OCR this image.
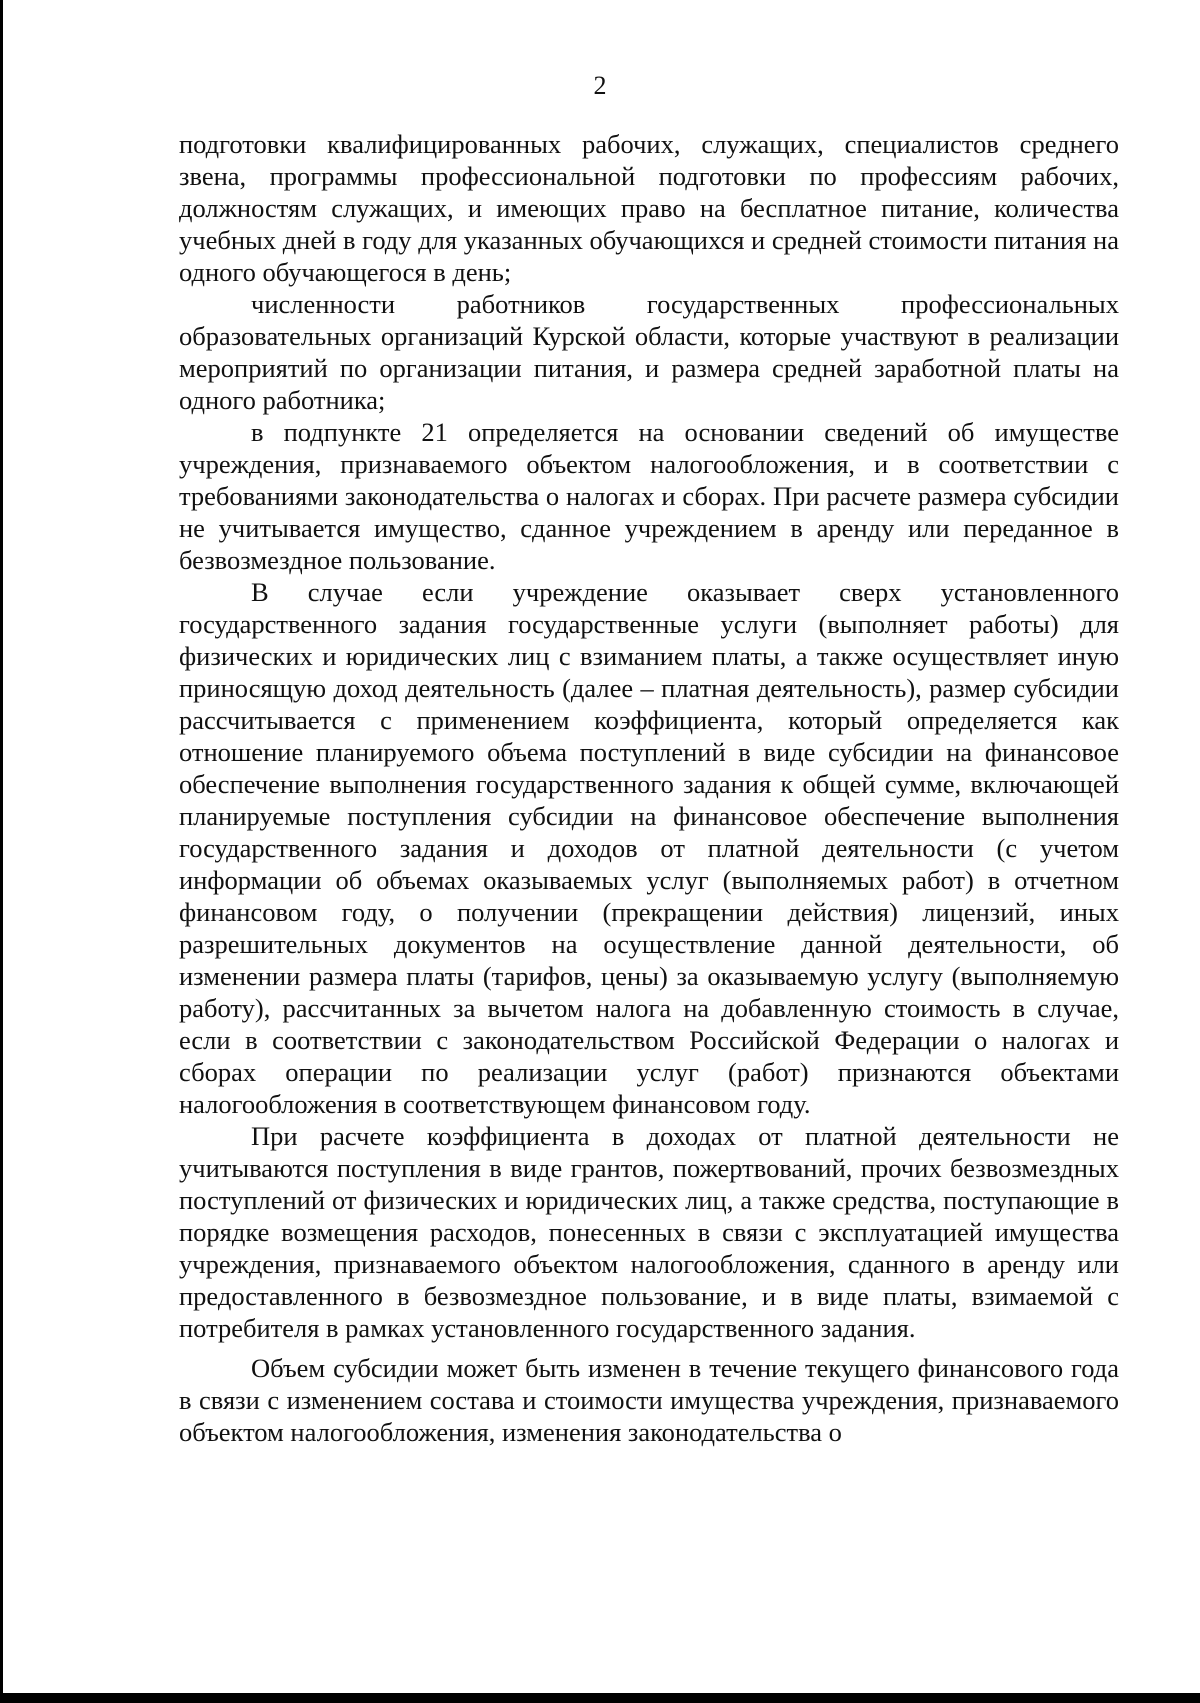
2

подготовки квалифицированных рабочих, служащих, специалистов среднего звена, программы профессиональной подготовки по профессиям рабочих, должностям служащих, и имеющих право на бесплатное питание, количества учебных дней в году для указанных обучающихся и средней стоимости питания на одного обучающегося в день;

численности работников государственных профессиональных образовательных организаций Курской области, которые участвуют в реализации мероприятий по организации питания, и размера средней заработной платы на одного работника;

в подпункте 21 определяется на основании сведений об имуществе учреждения, признаваемого объектом налогообложения, и в соответствии с требованиями законодательства о налогах и сборах. При расчете размера субсидии не учитывается имущество, сданное учреждением в аренду или переданное в безвозмездное пользование.

В случае если учреждение оказывает сверх установленного государственного задания государственные услуги (выполняет работы) для физических и юридических лиц с взиманием платы, а также осуществляет иную приносящую доход деятельность (далее – платная деятельность), размер субсидии рассчитывается с применением коэффициента, который определяется как отношение планируемого объема поступлений в виде субсидии на финансовое обеспечение выполнения государственного задания к общей сумме, включающей планируемые поступления субсидии на финансовое обеспечение выполнения государственного задания и доходов от платной деятельности (с учетом информации об объемах оказываемых услуг (выполняемых работ) в отчетном финансовом году, о получении (прекращении действия) лицензий, иных разрешительных документов на осуществление данной деятельности, об изменении размера платы (тарифов, цены) за оказываемую услугу (выполняемую работу), рассчитанных за вычетом налога на добавленную стоимость в случае, если в соответствии с законодательством Российской Федерации о налогах и сборах операции по реализации услуг (работ) признаются объектами налогообложения в соответствующем финансовом году.

При расчете коэффициента в доходах от платной деятельности не учитываются поступления в виде грантов, пожертвований, прочих безвозмездных поступлений от физических и юридических лиц, а также средства, поступающие в порядке возмещения расходов, понесенных в связи с эксплуатацией имущества учреждения, признаваемого объектом налогообложения, сданного в аренду или предоставленного в безвозмездное пользование, и в виде платы, взимаемой с потребителя в рамках установленного государственного задания.

Объем субсидии может быть изменен в течение текущего финансового года в связи с изменением состава и стоимости имущества учреждения, признаваемого объектом налогообложения, изменения законодательства о
